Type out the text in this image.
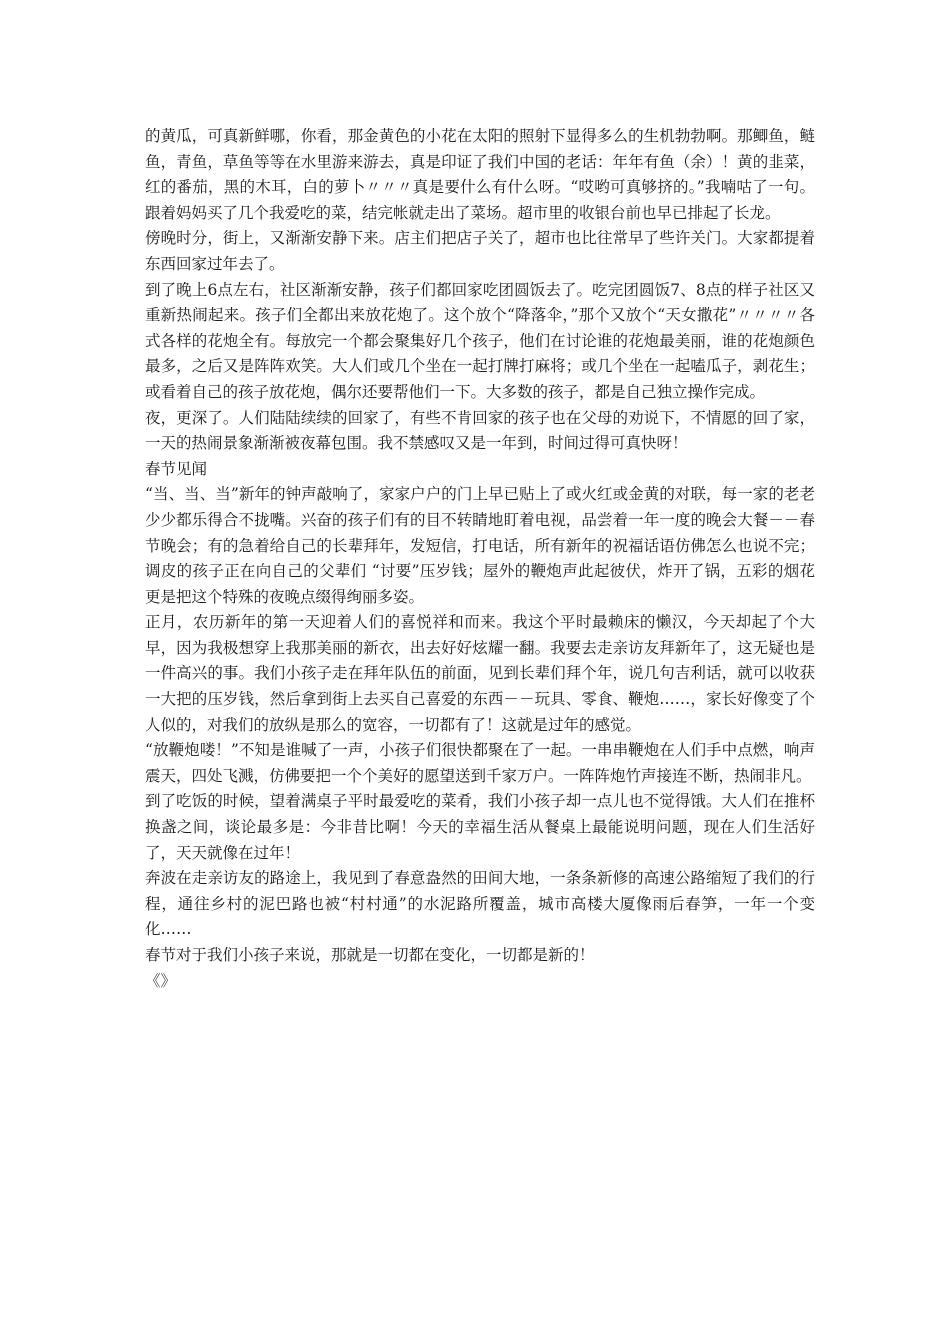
的黄瓜，可真新鲜哪，你看，那金黄色的小花在太阳的照射下显得多么的生机勃勃啊。那鲫鱼，鲢鱼，青鱼，草鱼等等在水里游来游去，真是印证了我们中国的老话：年年有鱼（余）！黄的韭菜，红的番茄，黑的木耳，白的萝卜〃〃〃真是要什么有什么呀。“哎哟可真够挤的。”我喃咕了一句。跟着妈妈买了几个我爱吃的菜，结完帐就走出了菜场。超市里的收银台前也早已排起了长龙。

傍晚时分，街上，又渐渐安静下来。店主们把店子关了，超市也比往常早了些许关门。大家都提着东西回家过年去了。

到了晚上6点左右，社区渐渐安静，孩子们都回家吃团圆饭去了。吃完团圆饭7、8点的样子社区又重新热闹起来。孩子们全都出来放花炮了。这个放个“降落伞，”那个又放个“天女撒花”〃〃〃〃各式各样的花炮全有。每放完一个都会聚集好几个孩子，他们在讨论谁的花炮最美丽，谁的花炮颜色最多，之后又是阵阵欢笑。大人们或几个坐在一起打牌打麻将；或几个坐在一起嗑瓜子，剥花生；或看着自己的孩子放花炮，偶尔还要帮他们一下。大多数的孩子，都是自己独立操作完成。

夜，更深了。人们陆陆续续的回家了，有些不肯回家的孩子也在父母的劝说下，不情愿的回了家，一天的热闹景象渐渐被夜幕包围。我不禁感叹又是一年到，时间过得可真快呀！

春节见闻

“当、当、当”新年的钟声敲响了，家家户户的门上早已贴上了或火红或金黄的对联，每一家的老老少少都乐得合不拢嘴。兴奋的孩子们有的目不转睛地盯着电视，品尝着一年一度的晚会大餐－－春节晚会；有的急着给自己的长辈拜年，发短信，打电话，所有新年的祝福话语仿佛怎么也说不完；调皮的孩子正在向自己的父辈们 “讨要”压岁钱；屋外的鞭炮声此起彼伏，炸开了锅，五彩的烟花更是把这个特殊的夜晚点缀得绚丽多姿。

正月，农历新年的第一天迎着人们的喜悦祥和而来。我这个平时最赖床的懒汉，今天却起了个大早，因为我极想穿上我那美丽的新衣，出去好好炫耀一翻。我要去走亲访友拜新年了，这无疑也是一件高兴的事。我们小孩子走在拜年队伍的前面，见到长辈们拜个年，说几句吉利话，就可以收获一大把的压岁钱，然后拿到街上去买自己喜爱的东西－－玩具、零食、鞭炮……，家长好像变了个人似的，对我们的放纵是那么的宽容，一切都有了！这就是过年的感觉。

“放鞭炮喽！”不知是谁喊了一声，小孩子们很快都聚在了一起。一串串鞭炮在人们手中点燃，响声震天，四处飞溅，仿佛要把一个个美好的愿望送到千家万户。一阵阵炮竹声接连不断，热闹非凡。

到了吃饭的时候，望着满桌子平时最爱吃的菜肴，我们小孩子却一点儿也不觉得饿。大人们在推杯换盏之间，谈论最多是：今非昔比啊！今天的幸福生活从餐桌上最能说明问题，现在人们生活好了，天天就像在过年！

奔波在走亲访友的路途上，我见到了春意盎然的田间大地，一条条新修的高速公路缩短了我们的行程，通往乡村的泥巴路也被“村村通”的水泥路所覆盖，城市高楼大厦像雨后春笋，一年一个变化……

春节对于我们小孩子来说，那就是一切都在变化，一切都是新的！

《》
